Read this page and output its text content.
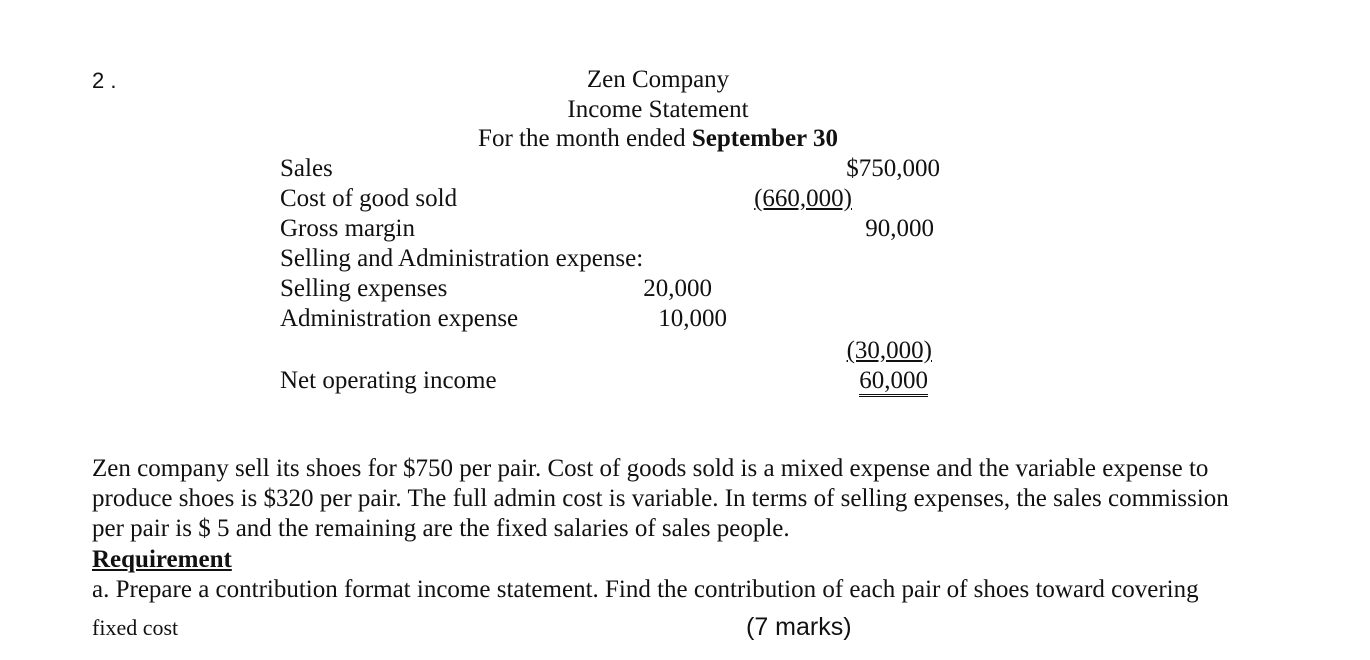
2 .	Zen Company
Income Statement
For the month ended September 30
Sales	$750,000
Cost of good sold	(660,000)
Gross margin	90,000
Selling and Administration expense:
Selling expenses	20,000
Administration expense	10,000
(30,000)
Net operating income	60,000
Zen company sell its shoes for $750 per pair. Cost of goods sold is a mixed expense and the variable expense to
produce shoes is $320 per pair. The full admin cost is variable. In terms of selling expenses, the sales commission
per pair is $ 5 and the remaining are the fixed salaries of sales people.
Requirement
a. Prepare a contribution format income statement. Find the contribution of each pair of shoes toward covering
fixed cost	(7 marks)
